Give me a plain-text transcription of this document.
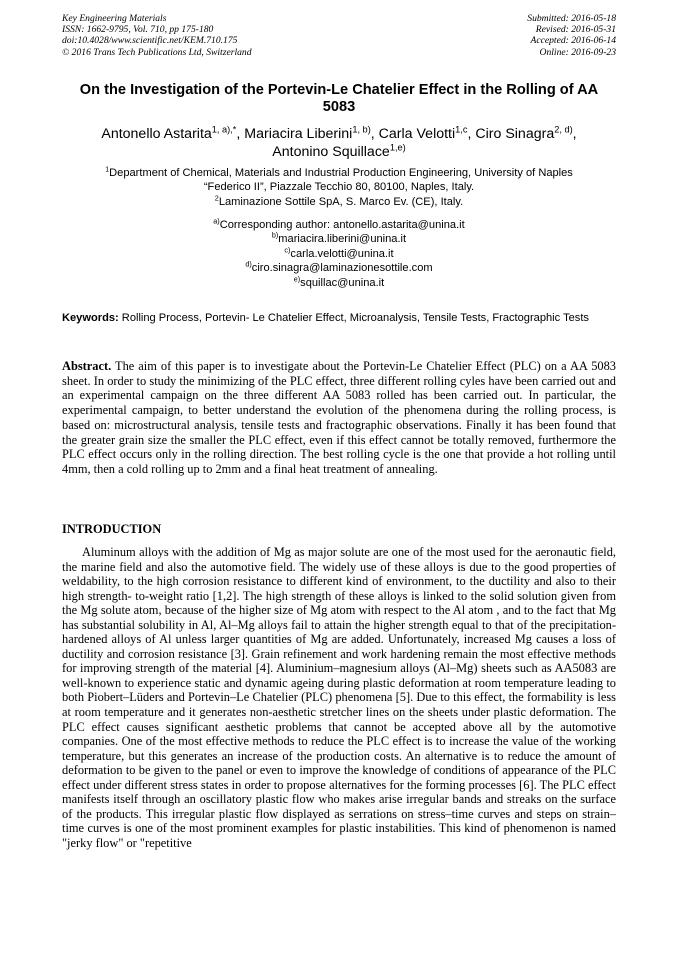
Key Engineering Materials
ISSN: 1662-9795, Vol. 710, pp 175-180
doi:10.4028/www.scientific.net/KEM.710.175
© 2016 Trans Tech Publications Ltd, Switzerland
Submitted: 2016-05-18
Revised: 2016-05-31
Accepted: 2016-06-14
Online: 2016-09-23
On the Investigation of the Portevin-Le Chatelier Effect in the Rolling of AA 5083
Antonello Astarita$^{1, a),*}$, Mariacira Liberini$^{1, b)}$, Carla Velotti$^{1,c}$, Ciro Sinagra$^{2, d)}$,
Antonino Squillace$^{1,e)}$
$^1$Department of Chemical, Materials and Industrial Production Engineering, University of Naples
“Federico II”, Piazzale Tecchio 80, 80100, Naples, Italy.
$^2$Laminazione Sottile SpA, S. Marco Ev. (CE), Italy.
$^{a)}$Corresponding author: antonello.astarita@unina.it
$^{b)}$mariacira.liberini@unina.it
$^{c)}$carla.velotti@unina.it
$^{d)}$ciro.sinagra@laminazionesottile.com
$^{e)}$squillac@unina.it
Keywords: Rolling Process, Portevin- Le Chatelier Effect, Microanalysis, Tensile Tests, Fractographic Tests
Abstract. The aim of this paper is to investigate about the Portevin-Le Chatelier Effect (PLC) on a AA 5083 sheet. In order to study the minimizing of the PLC effect, three different rolling cyles have been carried out and an experimental campaign on the three different AA 5083 rolled has been carried out. In particular, the experimental campaign, to better understand the evolution of the phenomena during the rolling process, is based on: microstructural analysis, tensile tests and fractographic observations. Finally it has been found that the greater grain size the smaller the PLC effect, even if this effect cannot be totally removed, furthermore the PLC effect occurs only in the rolling direction. The best rolling cycle is the one that provide a hot rolling until 4mm, then a cold rolling up to 2mm and a final heat treatment of annealing.
INTRODUCTION

Aluminum alloys with the addition of Mg as major solute are one of the most used for the aeronautic field, the marine field and also the automotive field. The widely use of these alloys is due to the good properties of weldability, to the high corrosion resistance to different kind of environment, to the ductility and also to their high strength- to-weight ratio [1,2]. The high strength of these alloys is linked to the solid solution given from the Mg solute atom, because of the higher size of Mg atom with respect to the Al atom , and to the fact that Mg has substantial solubility in Al, Al–Mg alloys fail to attain the higher strength equal to that of the precipitation-hardened alloys of Al unless larger quantities of Mg are added. Unfortunately, increased Mg causes a loss of ductility and corrosion resistance [3]. Grain refinement and work hardening remain the most effective methods for improving strength of the material [4]. Aluminium–magnesium alloys (Al–Mg) sheets such as AA5083 are well-known to experience static and dynamic ageing during plastic deformation at room temperature leading to both Piobert–Lüders and Portevin–Le Chatelier (PLC) phenomena [5]. Due to this effect, the formability is less at room temperature and it generates non-aesthetic stretcher lines on the sheets under plastic deformation. The PLC effect causes significant aesthetic problems that cannot be accepted above all by the automotive companies. One of the most effective methods to reduce the PLC effect is to increase the value of the working temperature, but this generates an increase of the production costs. An alternative is to reduce the amount of deformation to be given to the panel or even to improve the knowledge of conditions of appearance of the PLC effect under different stress states in order to propose alternatives for the forming processes [6]. The PLC effect manifests itself through an oscillatory plastic flow who makes arise irregular bands and streaks on the surface of the products. This irregular plastic flow displayed as serrations on stress–time curves and steps on strain–time curves is one of the most prominent examples for plastic instabilities. This kind of phenomenon is named "jerky flow" or "repetitive
